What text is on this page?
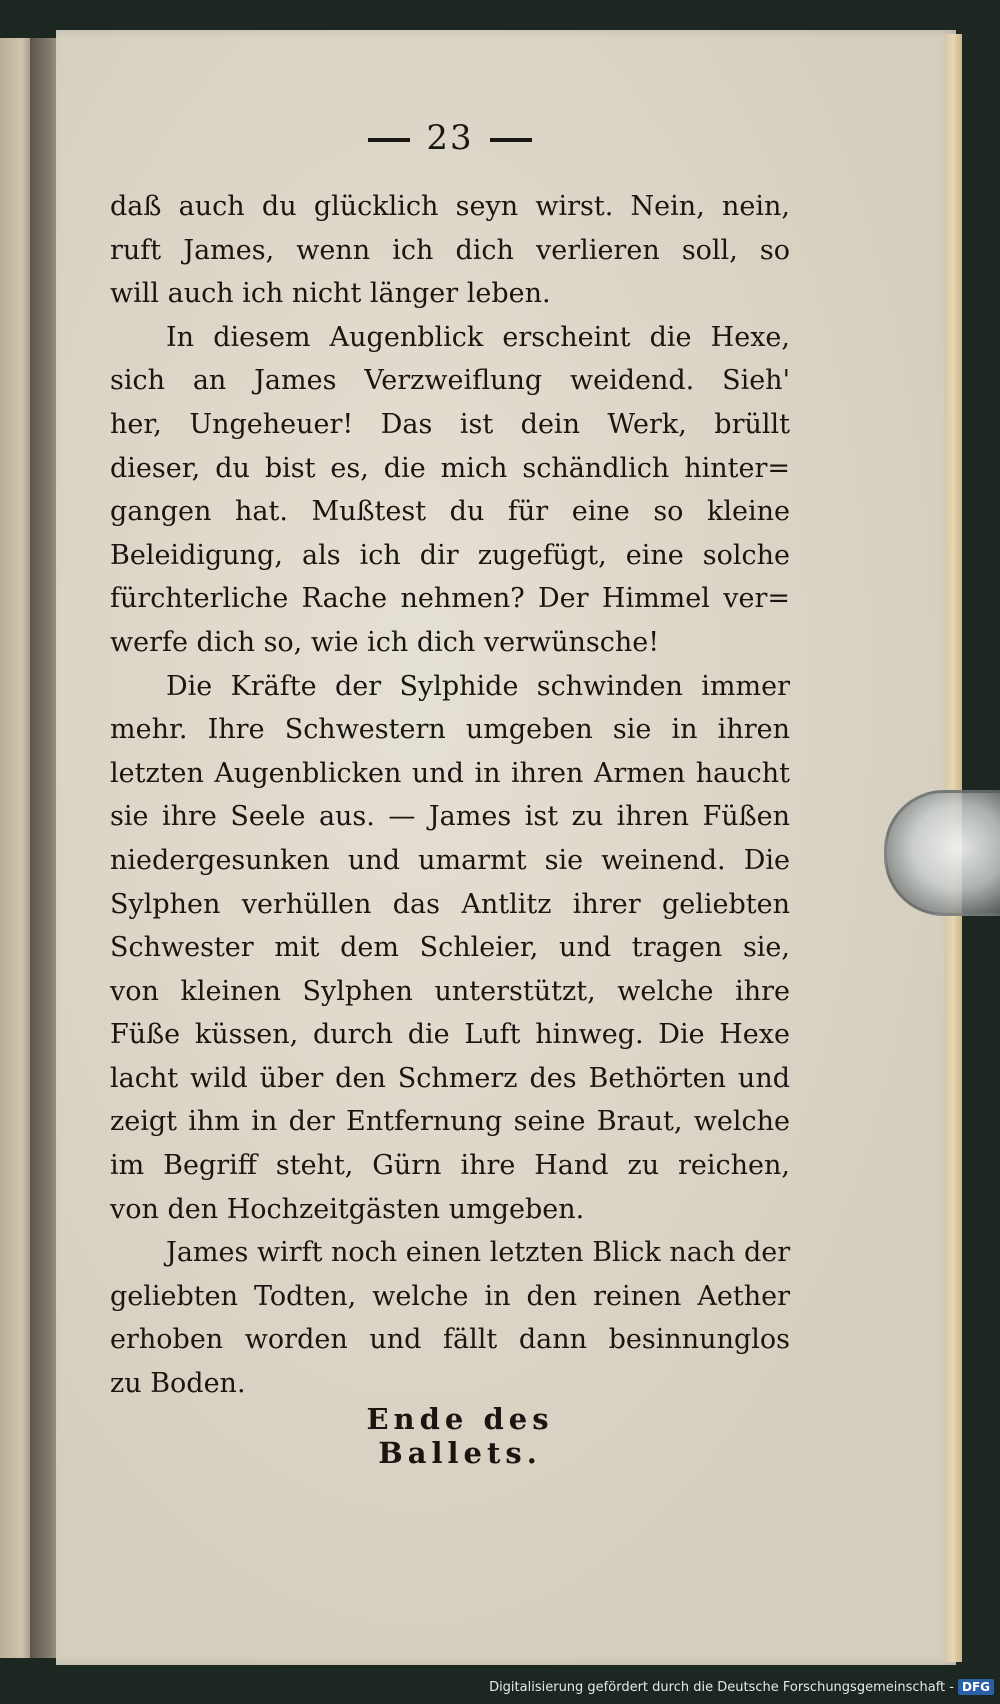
23
daß auch du glücklich seyn wirst. Nein, nein,
ruft James, wenn ich dich verlieren soll, so
will auch ich nicht länger leben.
In diesem Augenblick erscheint die Hexe,
sich an James Verzweiflung weidend. Sieh'
her, Ungeheuer! Das ist dein Werk, brüllt
dieser, du bist es, die mich schändlich hinter=
gangen hat. Mußtest du für eine so kleine
Beleidigung, als ich dir zugefügt, eine solche
fürchterliche Rache nehmen? Der Himmel ver=
werfe dich so, wie ich dich verwünsche!
Die Kräfte der Sylphide schwinden immer
mehr. Ihre Schwestern umgeben sie in ihren
letzten Augenblicken und in ihren Armen haucht
sie ihre Seele aus. — James ist zu ihren Füßen
niedergesunken und umarmt sie weinend. Die
Sylphen verhüllen das Antlitz ihrer geliebten
Schwester mit dem Schleier, und tragen sie,
von kleinen Sylphen unterstützt, welche ihre
Füße küssen, durch die Luft hinweg. Die Hexe
lacht wild über den Schmerz des Bethörten und
zeigt ihm in der Entfernung seine Braut, welche
im Begriff steht, Gürn ihre Hand zu reichen,
von den Hochzeitgästen umgeben.
James wirft noch einen letzten Blick nach der
geliebten Todten, welche in den reinen Aether
erhoben worden und fällt dann besinnunglos
zu Boden.
Ende des Ballets.
Digitalisierung gefördert durch die Deutsche Forschungsgemeinschaft - DFG
